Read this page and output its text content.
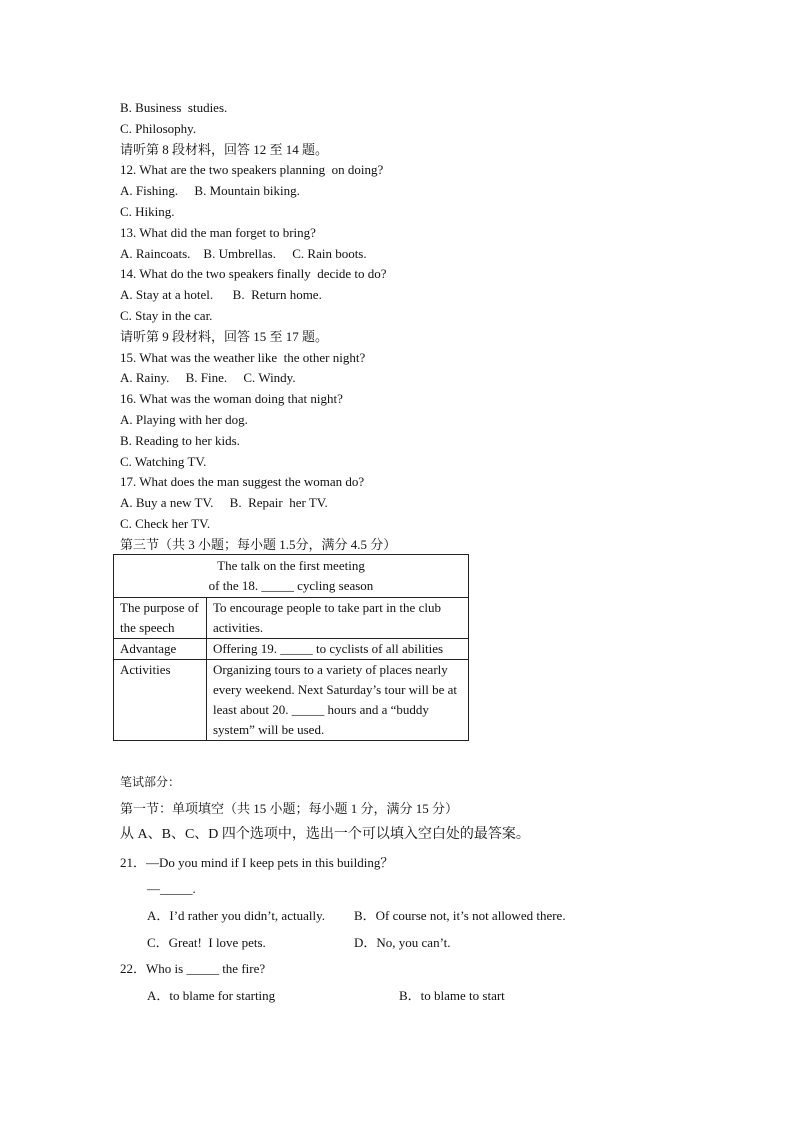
B. Business  studies.
C. Philosophy.
请听第 8 段材料，回答 12 至 14 题。
12. What are the two speakers planning  on doing?
A. Fishing.     B. Mountain biking.
C. Hiking.
13. What did the man forget to bring?
A. Raincoats.    B. Umbrellas.     C. Rain boots.
14. What do the two speakers finally  decide to do?
A. Stay at a hotel.      B.  Return home.
C. Stay in the car.
请听第 9 段材料，回答 15 至 17 题。
15. What was the weather like  the other night?
A. Rainy.     B. Fine.     C. Windy.
16. What was the woman doing that night?
A. Playing with her dog.
B. Reading to her kids.
C. Watching TV.
17. What does the man suggest the woman do?
A. Buy a new TV.     B.  Repair  her TV.
C. Check her TV.
第三节（共 3 小题；每小题 1.5分，满分 4.5 分）
The talk on the first meeting
of the 18. _____ cycling season	

The purpose of the speech	To encourage people to take part in the club activities.
Advantage	Offering 19. _____ to cyclists of all abilities
Activities	Organizing tours to a variety of places nearly
every weekend. Next Saturday’s tour will be at least about 20. _____ hours and a “buddy system” will be used.
笔试部分：
第一节：单项填空（共 15 小题；每小题 1 分，满分 15 分）
从 A、B、C、D 四个选项中，选出一个可以填入空白处的最答案。
21．—Do you mind if I keep pets in this building？
—_____.
A．I’d rather you didn’t, actually. B．Of course not, it’s not allowed there.
C．Great!  I love pets.	D．No, you can’t.
22．Who is _____ the fire?
A．to blame for starting	B．to blame to start
